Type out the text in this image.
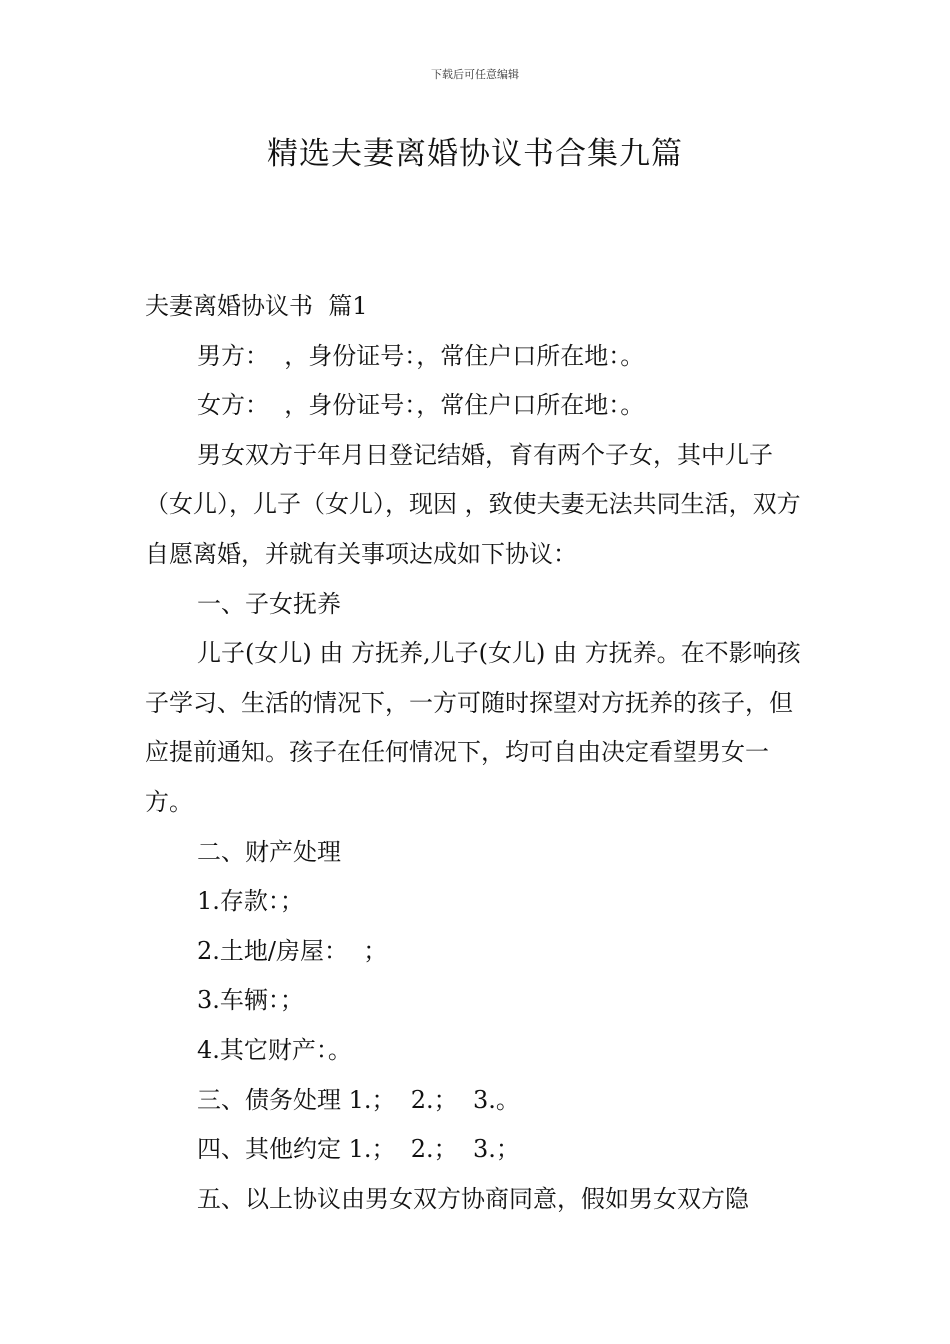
下载后可任意编辑
精选夫妻离婚协议书合集九篇

夫妻离婚协议书  篇1

男方：  ，身份证号：，常住户口所在地：。

女方：  ，身份证号：，常住户口所在地：。

男女双方于年月日登记结婚，育有两个子女，其中儿子（女儿），儿子（女儿），现因 ，致使夫妻无法共同生活，双方自愿离婚，并就有关事项达成如下协议：

一、子女抚养

儿子(女儿) 由 方抚养,儿子(女儿) 由 方抚养。在不影响孩子学习、生活的情况下，一方可随时探望对方抚养的孩子，但应提前通知。孩子在任何情况下，均可自由决定看望男女一方。

二、财产处理

1.存款：；

2.土地/房屋：  ；

3.车辆：；

4.其它财产：。

三、债务处理 1.；  2.；  3.。

四、其他约定 1.；  2.；  3.；

五、以上协议由男女双方协商同意，假如男女双方隐
